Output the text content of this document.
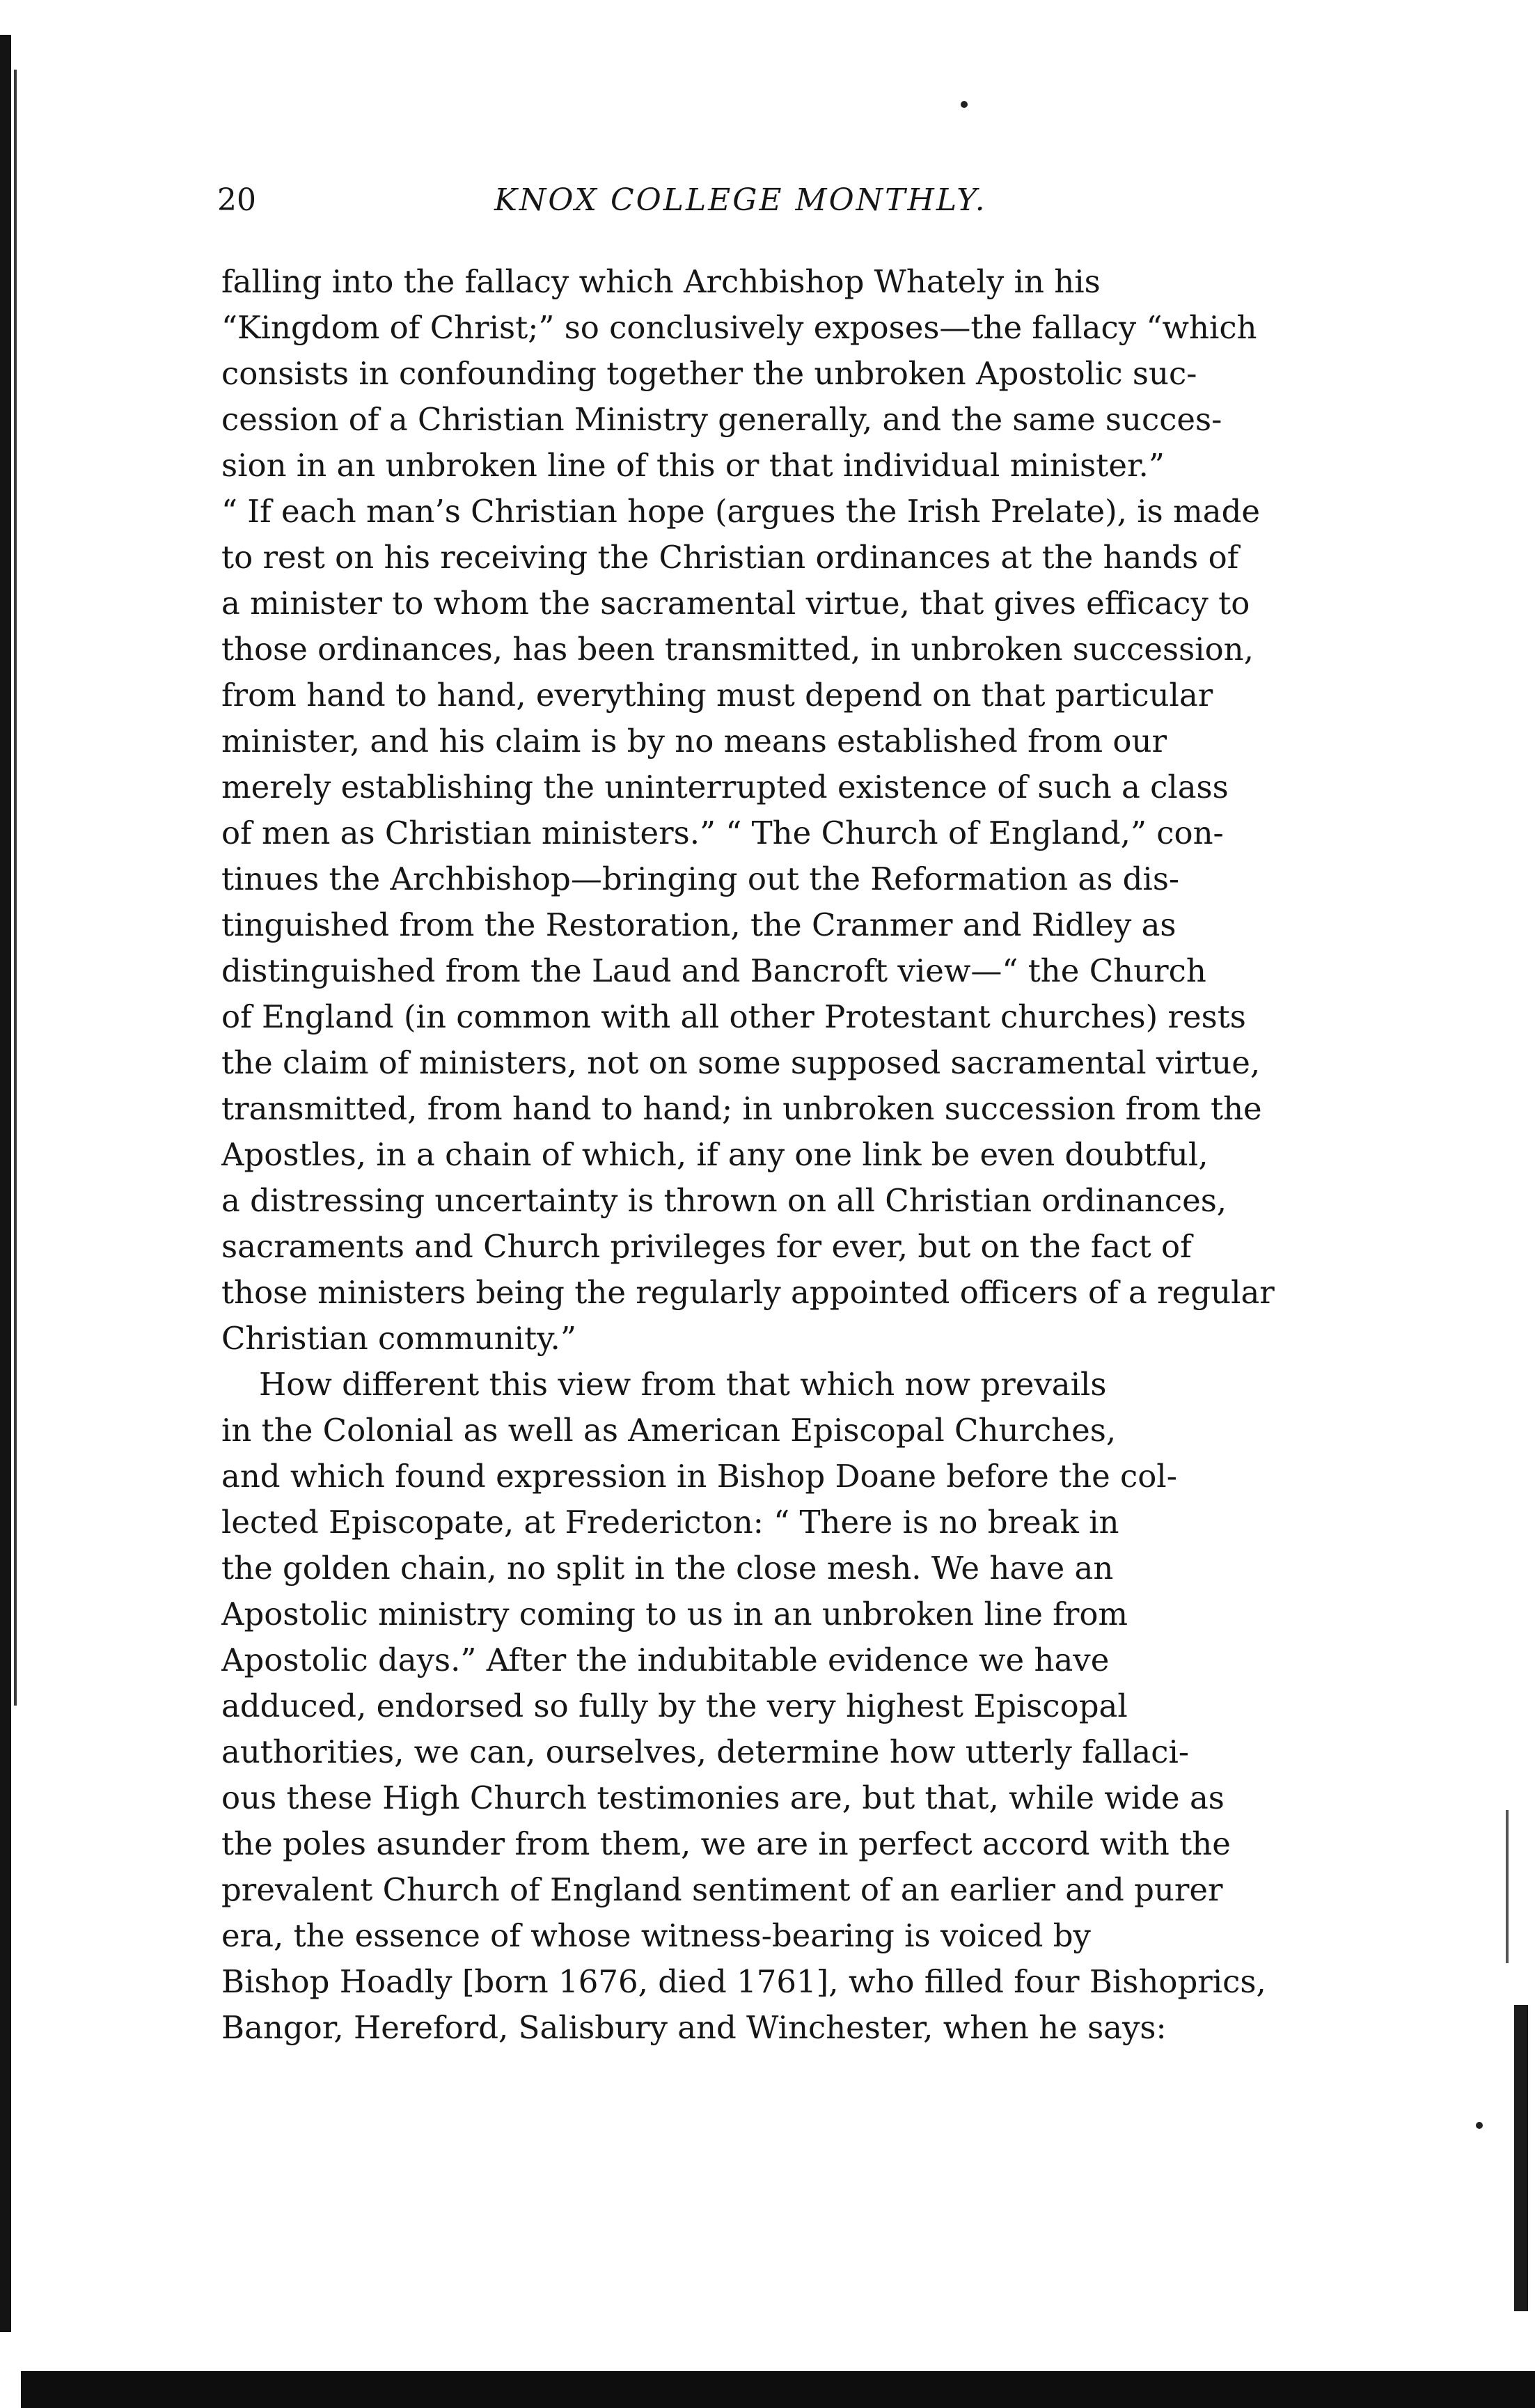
20	KNOX COLLEGE MONTHLY.
falling into the fallacy which Archbishop Whately in his
“Kingdom of Christ;” so conclusively exposes—the fallacy “which
consists in confounding together the unbroken Apostolic suc-
cession of a Christian Ministry generally, and the same succes-
sion in an unbroken line of this or that individual minister.”
“ If each man’s Christian hope (argues the Irish Prelate), is made
to rest on his receiving the Christian ordinances at the hands of
a minister to whom the sacramental virtue, that gives efficacy to
those ordinances, has been transmitted, in unbroken succession,
from hand to hand, everything must depend on that particular
minister, and his claim is by no means established from our
merely establishing the uninterrupted existence of such a class
of men as Christian ministers.” “ The Church of England,” con-
tinues the Archbishop—bringing out the Reformation as dis-
tinguished from the Restoration, the Cranmer and Ridley as
distinguished from the Laud and Bancroft view—“ the Church
of England (in common with all other Protestant churches) rests
the claim of ministers, not on some supposed sacramental virtue,
transmitted, from hand to hand; in unbroken succession from the
Apostles, in a chain of which, if any one link be even doubtful,
a distressing uncertainty is thrown on all Christian ordinances,
sacraments and Church privileges for ever, but on the fact of
those ministers being the regularly appointed officers of a regular
Christian community.”
How different this view from that which now prevails
in the Colonial as well as American Episcopal Churches,
and which found expression in Bishop Doane before the col-
lected Episcopate, at Fredericton: “ There is no break in
the golden chain, no split in the close mesh. We have an
Apostolic ministry coming to us in an unbroken line from
Apostolic days.” After the indubitable evidence we have
adduced, endorsed so fully by the very highest Episcopal
authorities, we can, ourselves, determine how utterly fallaci-
ous these High Church testimonies are, but that, while wide as
the poles asunder from them, we are in perfect accord with the
prevalent Church of England sentiment of an earlier and purer
era, the essence of whose witness-bearing is voiced by
Bishop Hoadly [born 1676, died 1761], who filled four Bishoprics,
Bangor, Hereford, Salisbury and Winchester, when he says:
